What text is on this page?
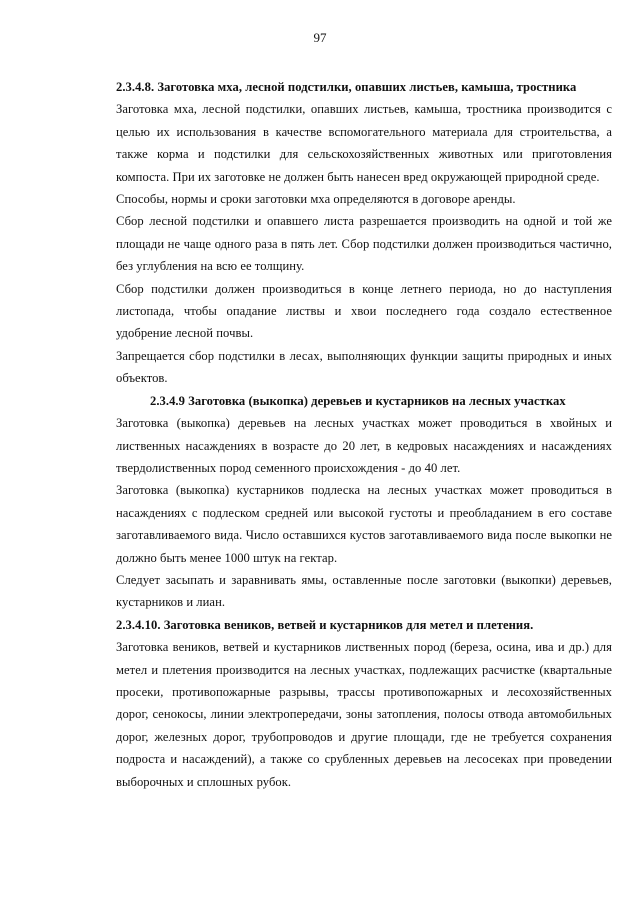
97

2.3.4.8. Заготовка мха, лесной подстилки, опавших листьев, камыша, тростника

Заготовка мха, лесной подстилки, опавших листьев, камыша, тростника производится с целью их использования в качестве вспомогательного материала для строительства, а также корма и подстилки для сельскохозяйственных животных или приготовления компоста. При их заготовке не должен быть нанесен вред окружающей природной среде.

Способы, нормы и сроки заготовки мха определяются в договоре аренды.

Сбор лесной подстилки и опавшего листа разрешается производить на одной и той же площади не чаще одного раза в пять лет. Сбор подстилки должен производиться частично, без углубления на всю ее толщину.

Сбор подстилки должен производиться в конце летнего периода, но до наступления листопада, чтобы опадание листвы и хвои последнего года создало естественное удобрение лесной почвы.

Запрещается сбор подстилки в лесах, выполняющих функции защиты природных и иных объектов.

2.3.4.9 Заготовка (выкопка) деревьев и кустарников на лесных участках

Заготовка (выкопка) деревьев на лесных участках может проводиться в хвойных и лиственных насаждениях в возрасте до 20 лет, в кедровых насаждениях и насаждениях твердолиственных пород семенного происхождения - до 40 лет.

Заготовка (выкопка) кустарников подлеска на лесных участках может проводиться в насаждениях с подлеском средней или высокой густоты и преобладанием в его составе заготавливаемого вида. Число оставшихся кустов заготавливаемого вида после выкопки не должно быть менее 1000 штук на гектар.

Следует засыпать и заравнивать ямы, оставленные после заготовки (выкопки) деревьев, кустарников и лиан.

2.3.4.10. Заготовка веников, ветвей и кустарников для метел и плетения.

Заготовка веников, ветвей и кустарников лиственных пород (береза, осина, ива и др.) для метел и плетения производится на лесных участках, подлежащих расчистке (квартальные просеки, противопожарные разрывы, трассы противопожарных и лесохозяйственных дорог, сенокосы, линии электропередачи, зоны затопления, полосы отвода автомобильных дорог, железных дорог, трубопроводов и другие площади, где не требуется сохранения подроста и насаждений), а также со срубленных деревьев на лесосеках при проведении выборочных и сплошных рубок.
